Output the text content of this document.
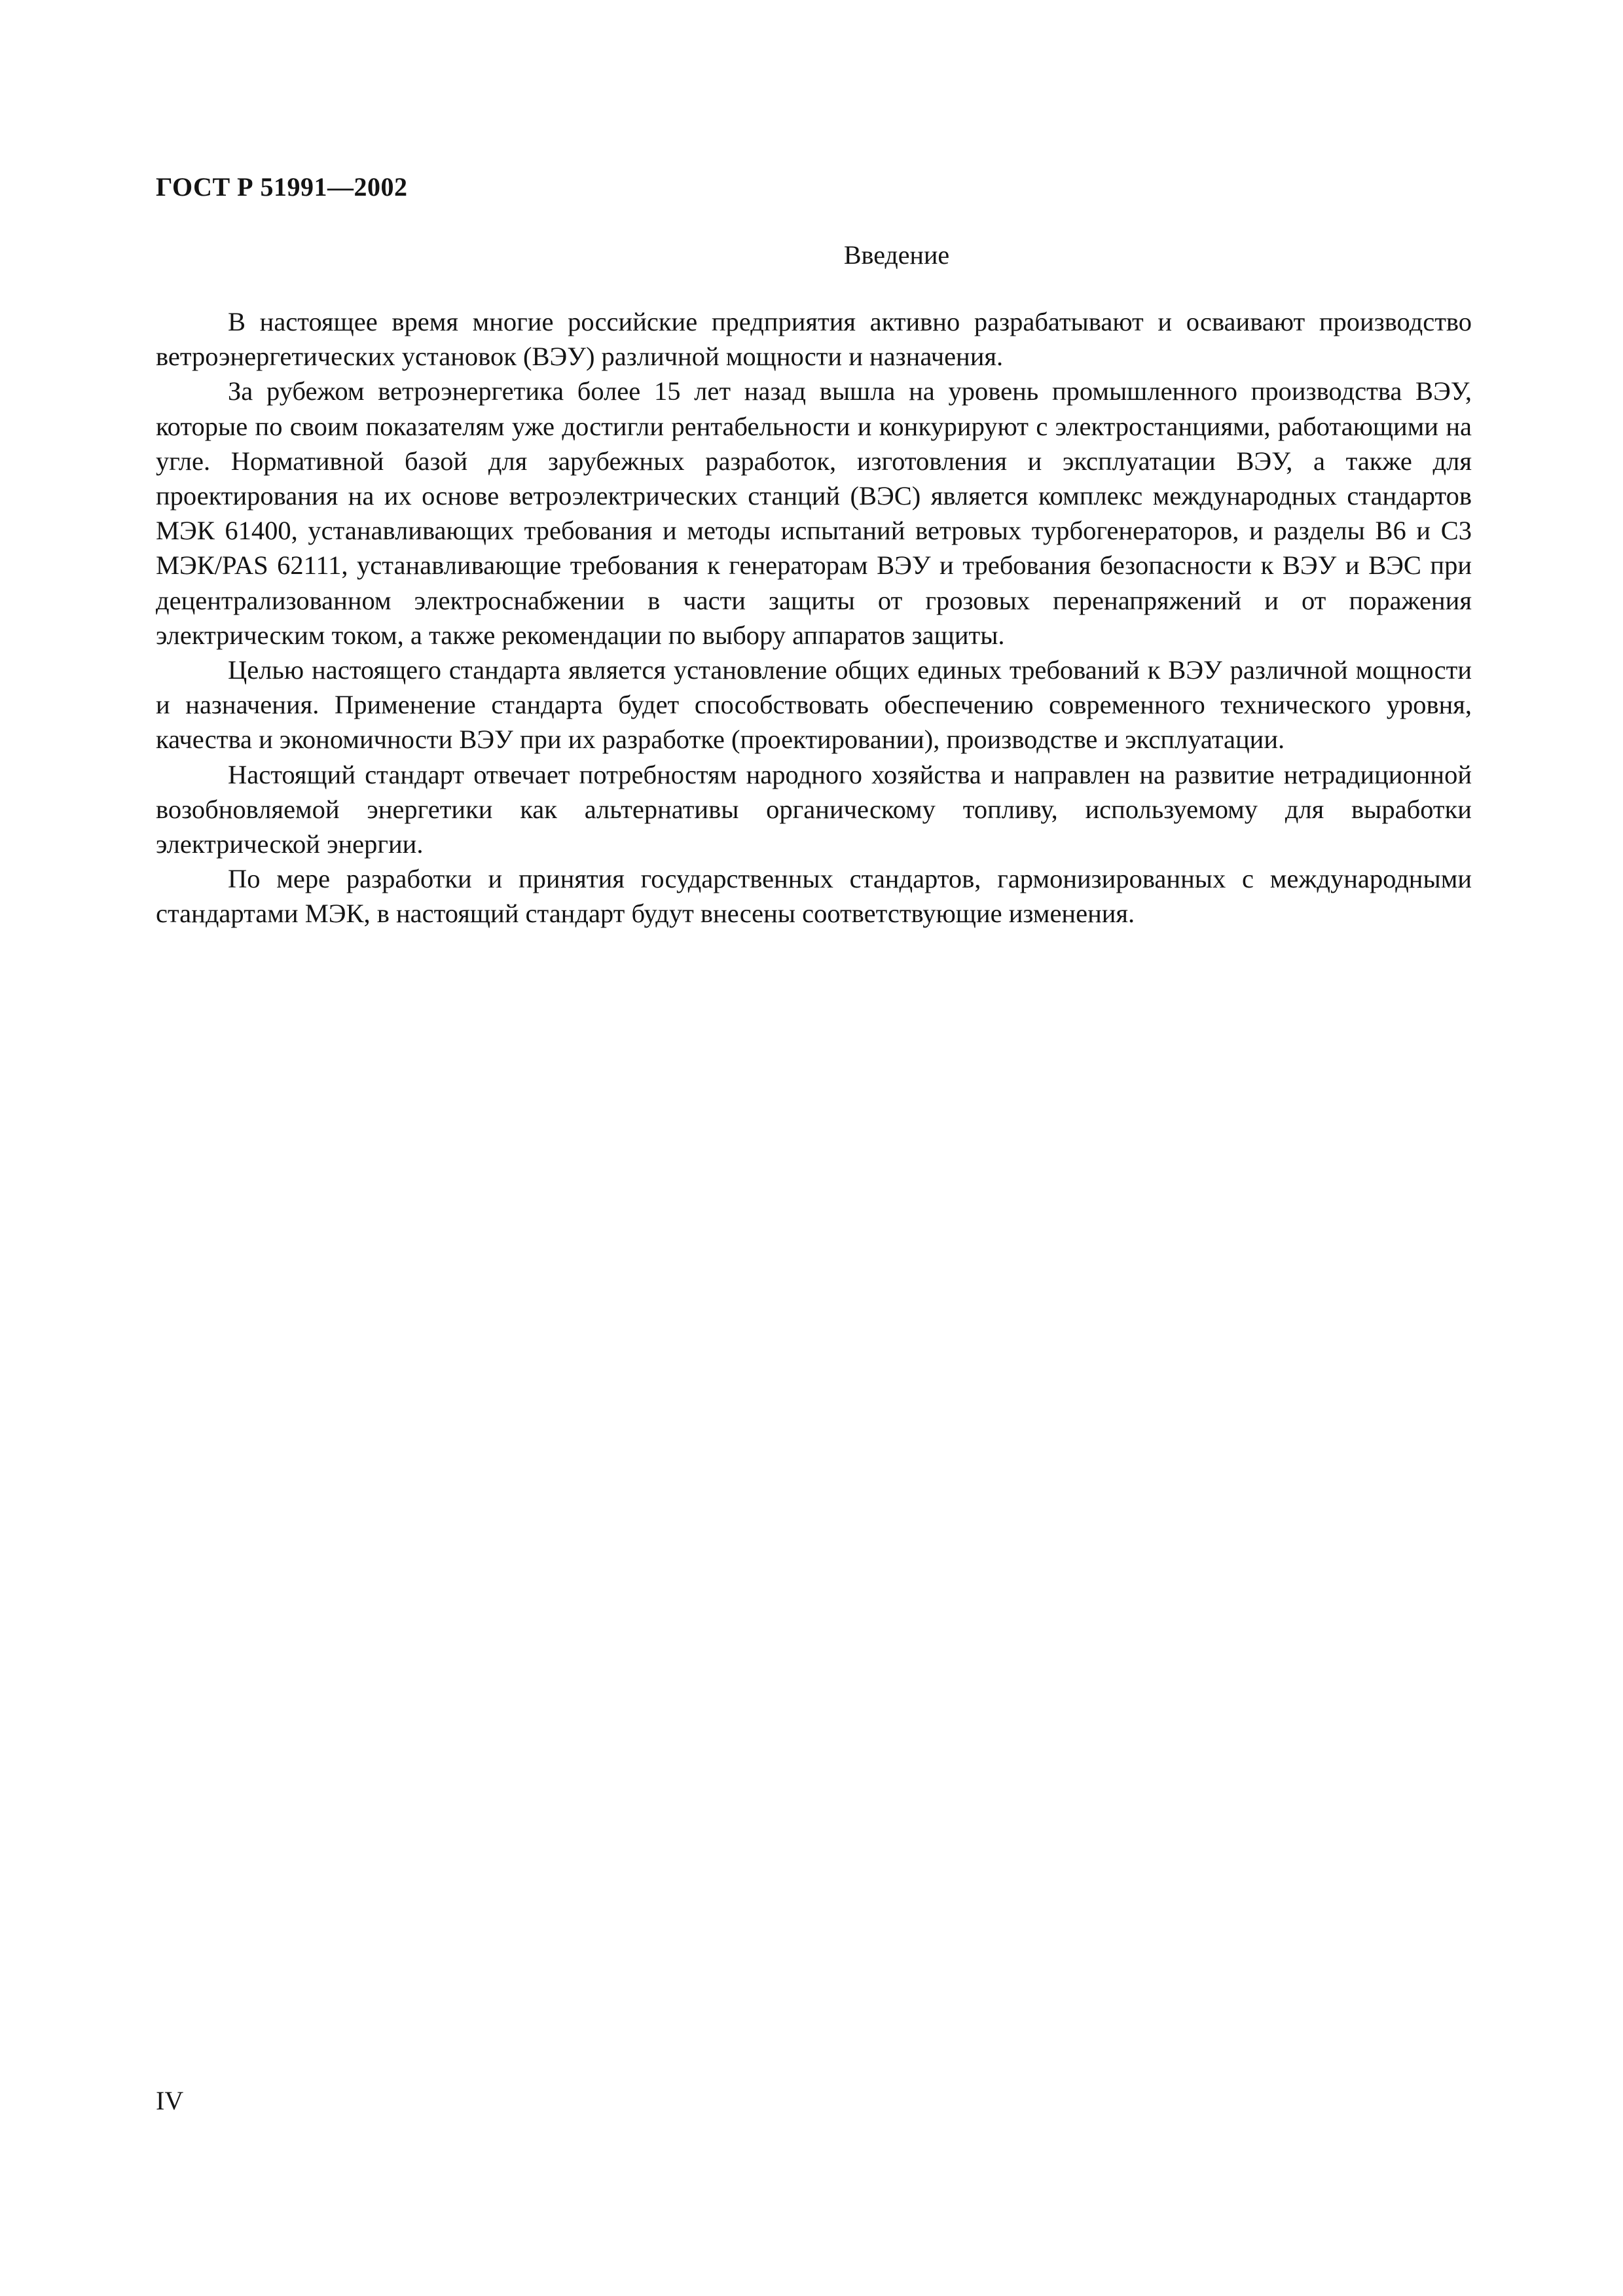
ГОСТ Р 51991—2002
Введение

В настоящее время многие российские предприятия активно разрабатывают и осваивают производство ветроэнергетических установок (ВЭУ) различной мощности и назначения.

За рубежом ветроэнергетика более 15 лет назад вышла на уровень промышленного производства ВЭУ, которые по своим показателям уже достигли рентабельности и конкурируют с электростанциями, работающими на угле. Нормативной базой для зарубежных разработок, изготовления и эксплуатации ВЭУ, а также для проектирования на их основе ветроэлектрических станций (ВЭС) является комплекс международных стандартов МЭК 61400, устанавливающих требования и методы испытаний ветровых турбогенераторов, и разделы В6 и С3 МЭК/PAS 62111, устанавливающие требования к генераторам ВЭУ и требования безопасности к ВЭУ и ВЭС при децентрализованном электроснабжении в части защиты от грозовых перенапряжений и от поражения электрическим током, а также рекомендации по выбору аппаратов защиты.

Целью настоящего стандарта является установление общих единых требований к ВЭУ различной мощности и назначения. Применение стандарта будет способствовать обеспечению современного технического уровня, качества и экономичности ВЭУ при их разработке (проектировании), производстве и эксплуатации.

Настоящий стандарт отвечает потребностям народного хозяйства и направлен на развитие нетрадиционной возобновляемой энергетики как альтернативы органическому топливу, используемому для выработки электрической энергии.

По мере разработки и принятия государственных стандартов, гармонизированных с международными стандартами МЭК, в настоящий стандарт будут внесены соответствующие изменения.

IV
